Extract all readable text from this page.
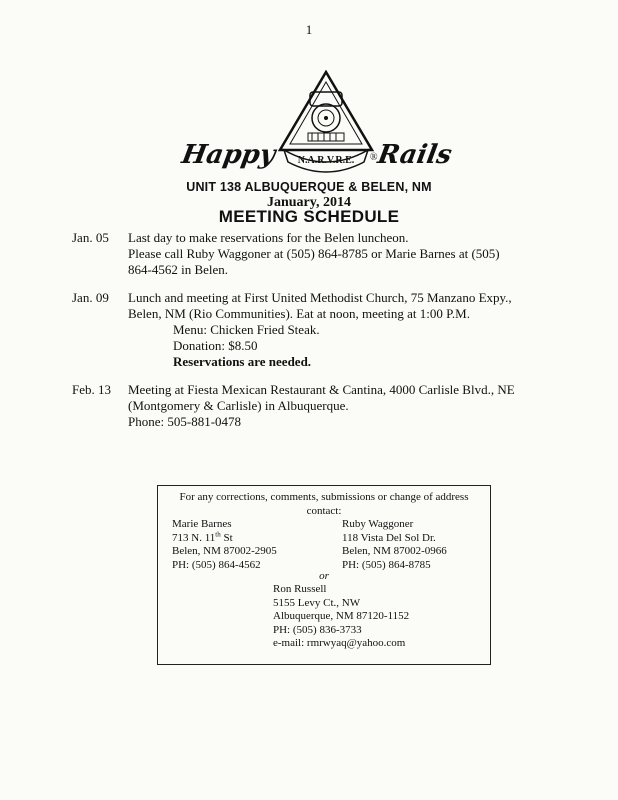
1
Happy N.A.R.V.R.E. ®
Rails
UNIT 138 ALBUQUERQUE & BELEN, NM
January, 2014
MEETING SCHEDULE
Jan. 05	Last day to make reservations for the Belen luncheon.
Please call Ruby Waggoner at (505) 864-8785 or Marie Barnes at (505)
864-4562 in Belen.
Jan. 09	Lunch and meeting at First United Methodist Church, 75 Manzano Expy.,
Belen, NM (Rio Communities). Eat at noon, meeting at 1:00 P.M.
Menu: Chicken Fried Steak.
Donation: $8.50
Reservations are needed.
Feb. 13	Meeting at Fiesta Mexican Restaurant & Cantina, 4000 Carlisle Blvd., NE
(Montgomery & Carlisle) in Albuquerque.
Phone: 505-881-0478
For any corrections, comments, submissions or change of address
contact:
Marie Barnes
713 N. 11th St
Belen, NM 87002-2905
PH: (505) 864-4562
Ruby Waggoner
118 Vista Del Sol Dr.
Belen, NM 87002-0966
PH: (505) 864-8785
or
Ron Russell
5155 Levy Ct., NW
Albuquerque, NM 87120-1152
PH: (505) 836-3733
e-mail: rmrwyaq@yahoo.com
